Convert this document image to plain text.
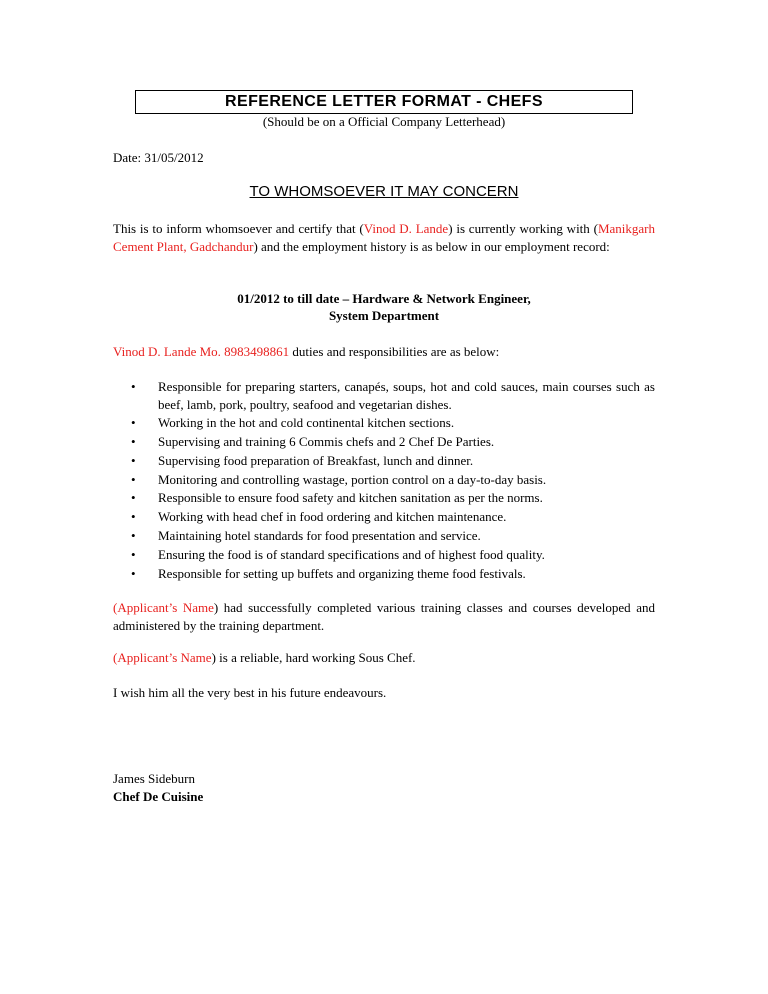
REFERENCE LETTER FORMAT - CHEFS
(Should be on a Official Company Letterhead)
Date: 31/05/2012
TO WHOMSOEVER IT MAY CONCERN
This is to inform whomsoever and certify that (Vinod D. Lande) is currently working with (Manikgarh Cement Plant, Gadchandur) and the employment history is as below in our employment record:
01/2012 to till date – Hardware & Network Engineer,
System Department
Vinod D. Lande Mo. 8983498861 duties and responsibilities are as below:
• Responsible for preparing starters, canapés, soups, hot and cold sauces, main courses such as beef, lamb, pork, poultry, seafood and vegetarian dishes.
• Working in the hot and cold continental kitchen sections.
• Supervising and training 6 Commis chefs and 2 Chef De Parties.
• Supervising food preparation of Breakfast, lunch and dinner.
• Monitoring and controlling wastage, portion control on a day-to-day basis.
• Responsible to ensure food safety and kitchen sanitation as per the norms.
• Working with head chef in food ordering and kitchen maintenance.
• Maintaining hotel standards for food presentation and service.
• Ensuring the food is of standard specifications and of highest food quality.
• Responsible for setting up buffets and organizing theme food festivals.
(Applicant’s Name) had successfully completed various training classes and courses developed and administered by the training department.
(Applicant’s Name) is a reliable, hard working Sous Chef.
I wish him all the very best in his future endeavours.
James Sideburn
Chef De Cuisine
